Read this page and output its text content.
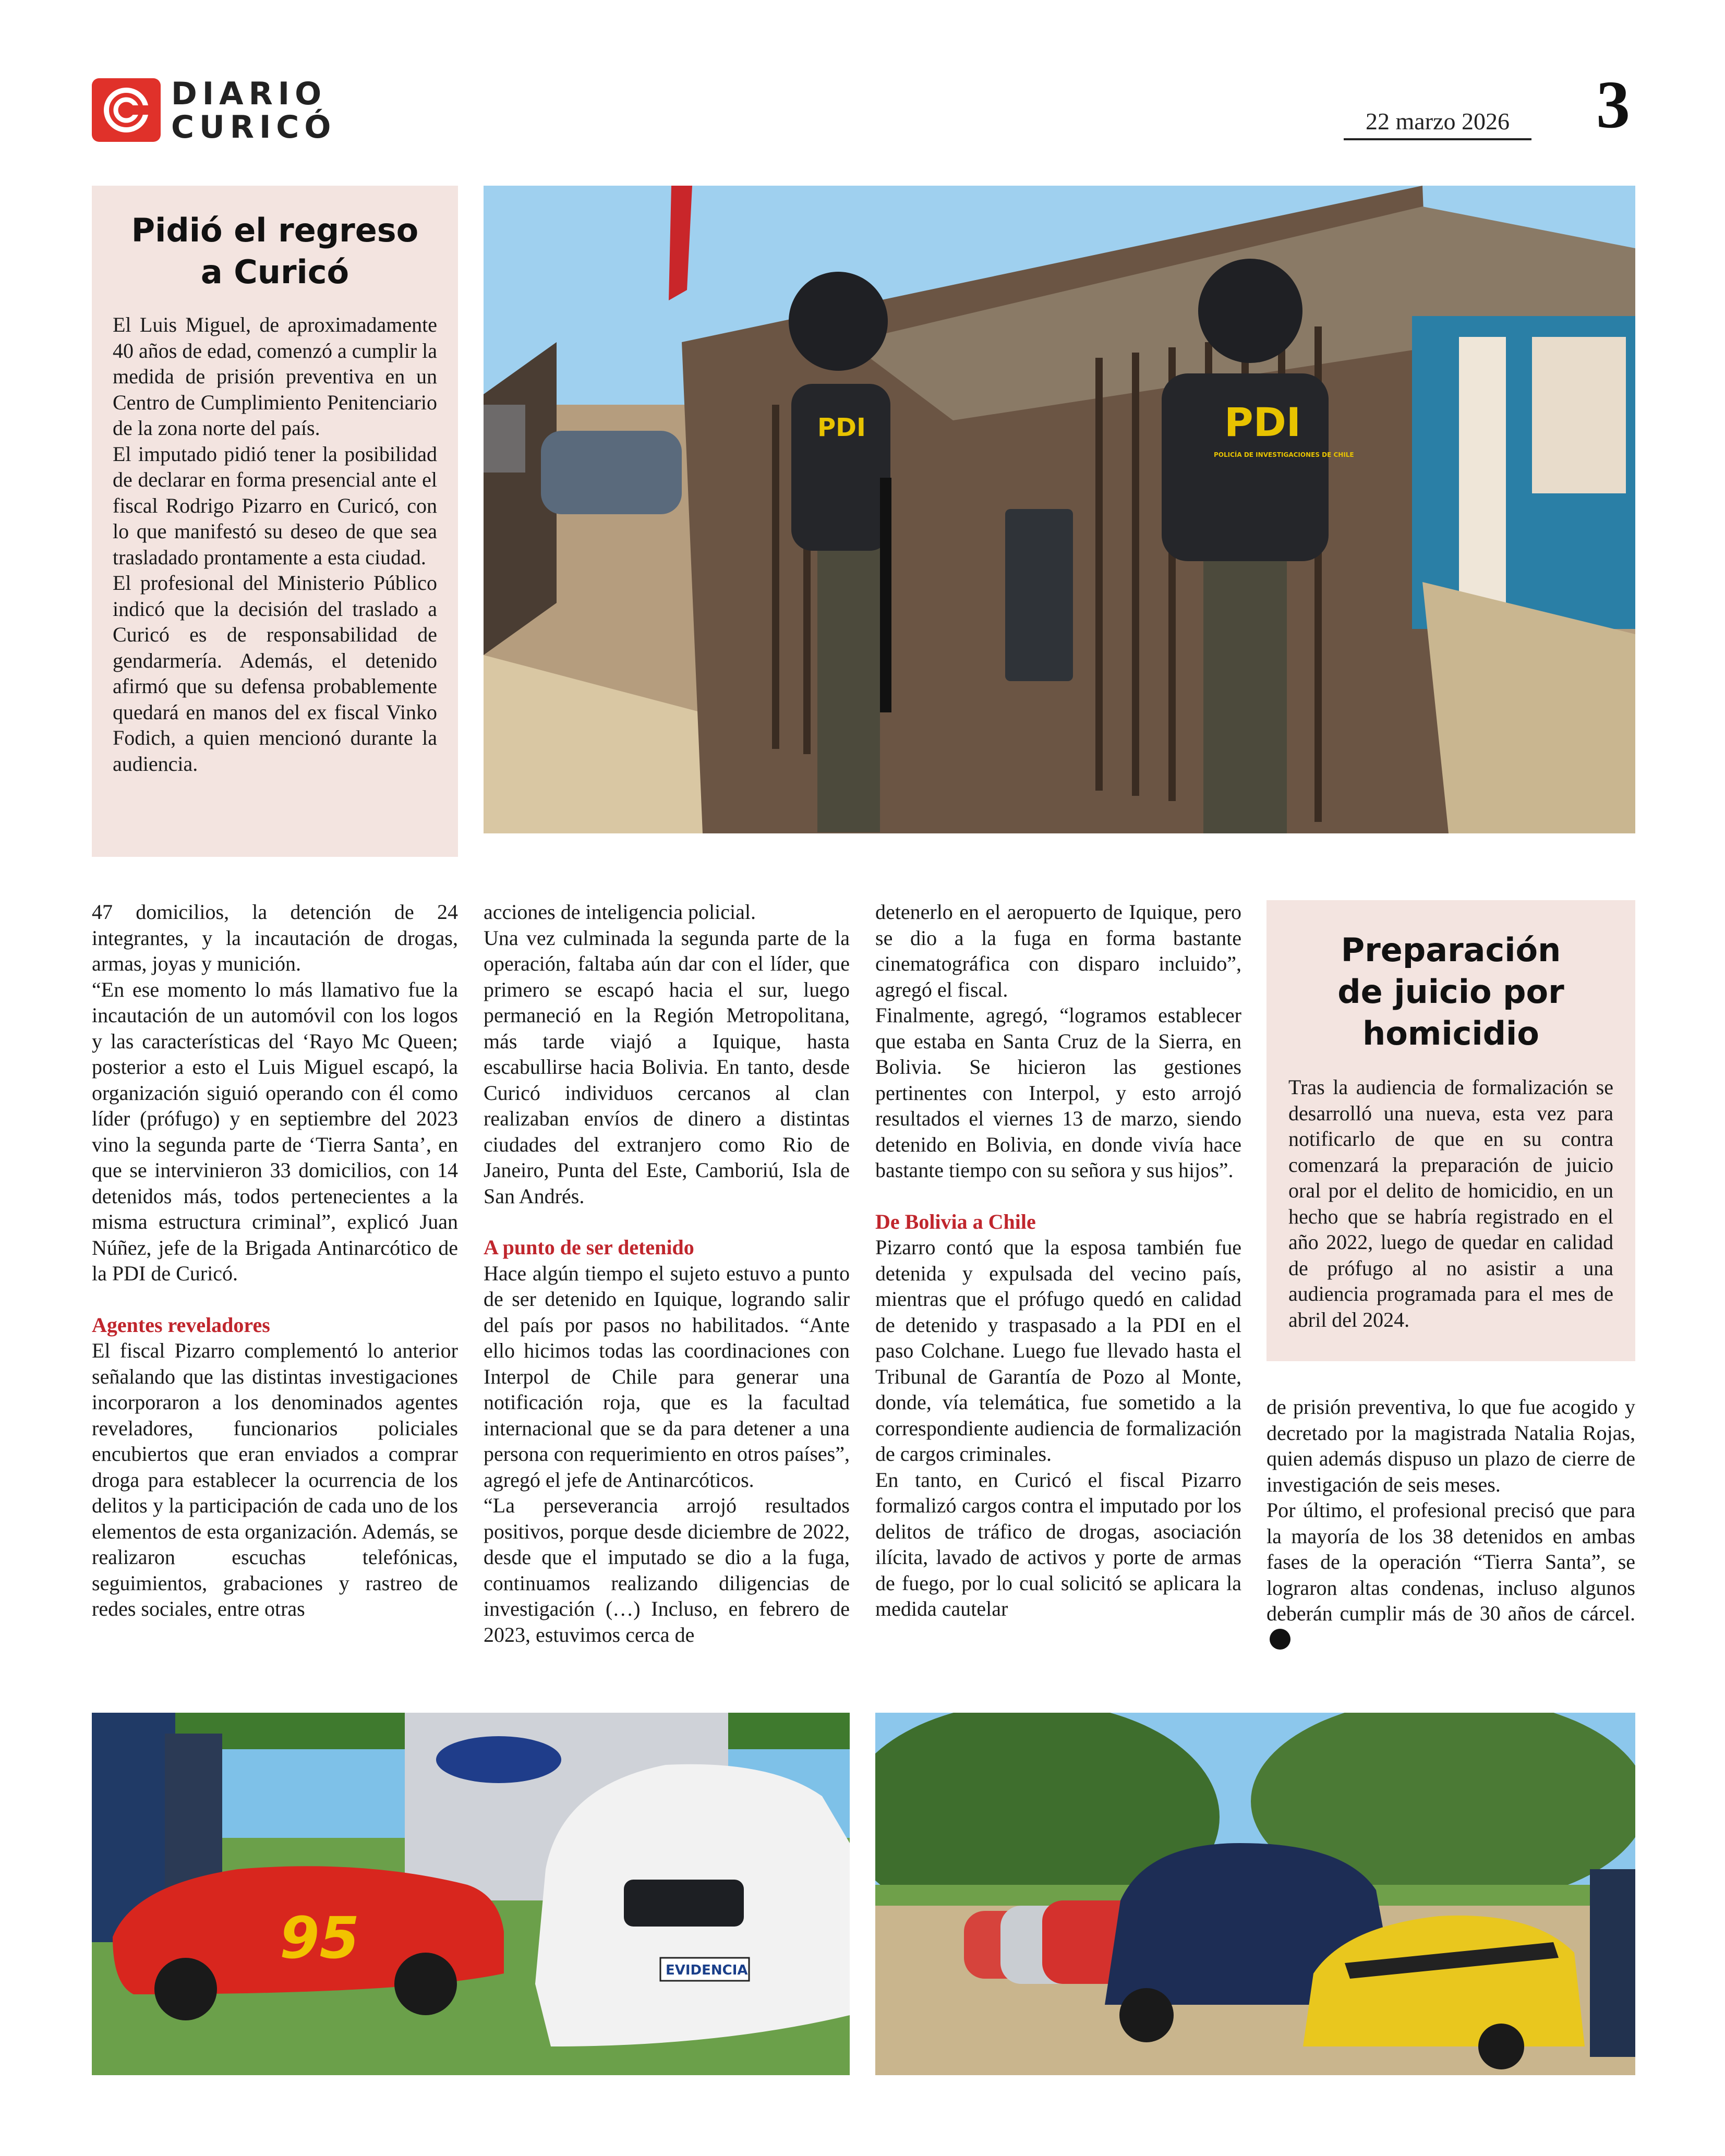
DIARIO
CURICÓ	22 marzo 2026	3
Pidió el regreso
a Curicó

El Luis Miguel, de aproximadamente 40 años de edad, comenzó a cumplir la medida de prisión preventiva en un Centro de Cumplimiento Penitenciario de la zona norte del país.

El imputado pidió tener la posibilidad de declarar en forma presencial ante el fiscal Rodrigo Pizarro en Curicó, con lo que manifestó su deseo de que sea trasladado prontamente a esta ciudad.

El profesional del Ministerio Público indicó que la decisión del traslado a Curicó es de responsabilidad de gendarmería. Además, el detenido afirmó que su defensa probablemente quedará en manos del ex fiscal Vinko Fodich, a quien mencionó durante la audiencia.

PDI	PDI
POLICÍA DE INVESTIGACIONES DE CHILE

47 domicilios, la detención de 24 integrantes, y la incautación de drogas, armas, joyas y munición.

“En ese momento lo más llamativo fue la incautación de un automóvil con los logos y las características del ‘Rayo Mc Queen; posterior a esto el Luis Miguel escapó, la organización siguió operando con él como líder (prófugo) y en septiembre del 2023 vino la segunda parte de ‘Tierra Santa’, en que se intervinieron 33 domicilios, con 14 detenidos más, todos pertenecientes a la misma estructura criminal”, explicó Juan Núñez, jefe de la Brigada Antinarcótico de la PDI de Curicó.

Agentes reveladores

El fiscal Pizarro complementó lo anterior señalando que las distintas investigaciones incorporaron a los denominados agentes reveladores, funcionarios policiales encubiertos que eran enviados a comprar droga para establecer la ocurrencia de los delitos y la participación de cada uno de los elementos de esta organización. Además, se realizaron escuchas telefónicas, seguimientos, grabaciones y rastreo de redes sociales, entre otras

acciones de inteligencia policial.

Una vez culminada la segunda parte de la operación, faltaba aún dar con el líder, que primero se escapó hacia el sur, luego permaneció en la Región Metropolitana, más tarde viajó a Iquique, hasta escabullirse hacia Bolivia. En tanto, desde Curicó individuos cercanos al clan realizaban envíos de dinero a distintas ciudades del extranjero como Rio de Janeiro, Punta del Este, Camboriú, Isla de San Andrés.

A punto de ser detenido

Hace algún tiempo el sujeto estuvo a punto de ser detenido en Iquique, logrando salir del país por pasos no habilitados. “Ante ello hicimos todas las coordinaciones con Interpol de Chile para generar una notificación roja, que es la facultad internacional que se da para detener a una persona con requerimiento en otros países”, agregó el jefe de Antinarcóticos.

“La perseverancia arrojó resultados positivos, porque desde diciembre de 2022, desde que el imputado se dio a la fuga, continuamos realizando diligencias de investigación (…) Incluso, en febrero de 2023, estuvimos cerca de

detenerlo en el aeropuerto de Iquique, pero se dio a la fuga en forma bastante cinematográfica con disparo incluido”, agregó el fiscal.

Finalmente, agregó, “logramos establecer que estaba en Santa Cruz de la Sierra, en Bolivia. Se hicieron las gestiones pertinentes con Interpol, y esto arrojó resultados el viernes 13 de marzo, siendo detenido en Bolivia, en donde vivía hace bastante tiempo con su señora y sus hijos”.

De Bolivia a Chile

Pizarro contó que la esposa también fue detenida y expulsada del vecino país, mientras que el prófugo quedó en calidad de detenido y traspasado a la PDI en el paso Colchane. Luego fue llevado hasta el Tribunal de Garantía de Pozo al Monte, donde, vía telemática, fue sometido a la correspondiente audiencia de formalización de cargos criminales.

En tanto, en Curicó el fiscal Pizarro formalizó cargos contra el imputado por los delitos de tráfico de drogas, asociación ilícita, lavado de activos y porte de armas de fuego, por lo cual solicitó se aplicara la medida cautelar

Preparación
de juicio por
homicidio

Tras la audiencia de formalización se desarrolló una nueva, esta vez para notificarlo de que en su contra comenzará la preparación de juicio oral por el delito de homicidio, en un hecho que se habría registrado en el año 2022, luego de quedar en calidad de prófugo al no asistir a una audiencia programada para el mes de abril del 2024.

de prisión preventiva, lo que fue acogido y decretado por la magistrada Natalia Rojas, quien además dispuso un plazo de cierre de investigación de seis meses.

Por último, el profesional precisó que para la mayoría de los 38 detenidos en ambas fases de la operación “Tierra Santa”, se lograron altas condenas, incluso algunos deberán cumplir más de 30 años de cárcel.

95	EVIDENCIA
